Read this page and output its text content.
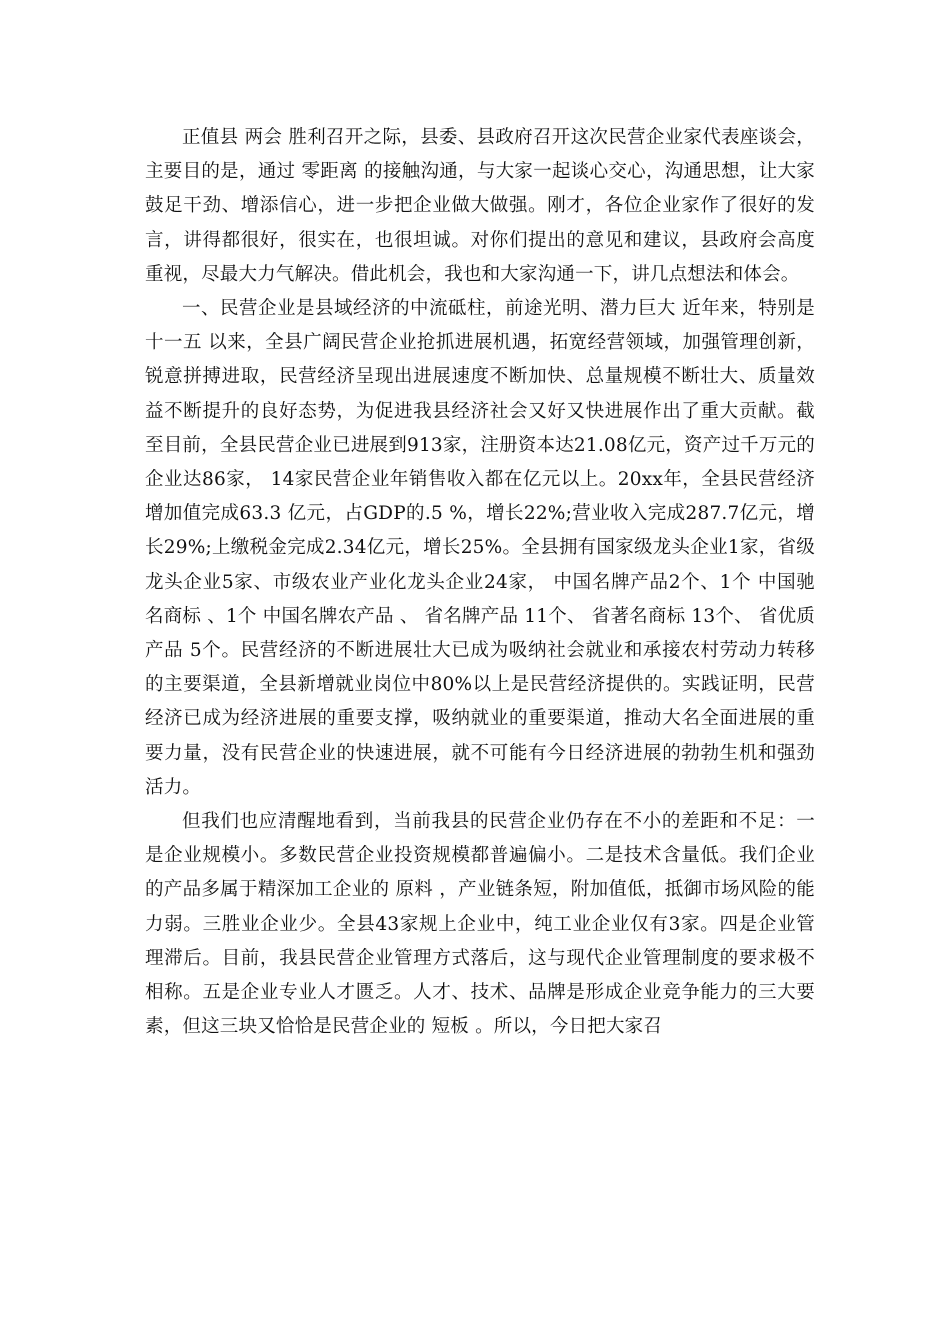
正值县 两会 胜利召开之际，县委、县政府召开这次民营企业家代表座谈会，主要目的是，通过 零距离 的接触沟通，与大家一起谈心交心，沟通思想，让大家鼓足干劲、增添信心，进一步把企业做大做强。刚才，各位企业家作了很好的发言，讲得都很好，很实在，也很坦诚。对你们提出的意见和建议，县政府会高度重视，尽最大力气解决。借此机会，我也和大家沟通一下，讲几点想法和体会。

一、民营企业是县域经济的中流砥柱，前途光明、潜力巨大 近年来，特别是 十一五 以来，全县广阔民营企业抢抓进展机遇，拓宽经营领域，加强管理创新，锐意拼搏进取，民营经济呈现出进展速度不断加快、总量规模不断壮大、质量效益不断提升的良好态势，为促进我县经济社会又好又快进展作出了重大贡献。截至目前，全县民营企业已进展到913家，注册资本达21.08亿元，资产过千万元的企业达86家， 14家民营企业年销售收入都在亿元以上。20xx年，全县民营经济增加值完成63.3 亿元，占GDP的.5 %，增长22%;营业收入完成287.7亿元，增长29%;上缴税金完成2.34亿元，增长25%。全县拥有国家级龙头企业1家，省级龙头企业5家、市级农业产业化龙头企业24家， 中国名牌产品2个、1个 中国驰名商标 、1个 中国名牌农产品 、 省名牌产品 11个、 省著名商标 13个、 省优质产品 5个。民营经济的不断进展壮大已成为吸纳社会就业和承接农村劳动力转移的主要渠道，全县新增就业岗位中80%以上是民营经济提供的。实践证明，民营经济已成为经济进展的重要支撑，吸纳就业的重要渠道，推动大名全面进展的重要力量，没有民营企业的快速进展，就不可能有今日经济进展的勃勃生机和强劲活力。

但我们也应清醒地看到，当前我县的民营企业仍存在不小的差距和不足：一是企业规模小。多数民营企业投资规模都普遍偏小。二是技术含量低。我们企业的产品多属于精深加工企业的 原料 ，产业链条短，附加值低，抵御市场风险的能力弱。三胜业企业少。全县43家规上企业中，纯工业企业仅有3家。四是企业管理滞后。目前，我县民营企业管理方式落后，这与现代企业管理制度的要求极不相称。五是企业专业人才匮乏。人才、技术、品牌是形成企业竞争能力的三大要素，但这三块又恰恰是民营企业的 短板 。所以，今日把大家召
